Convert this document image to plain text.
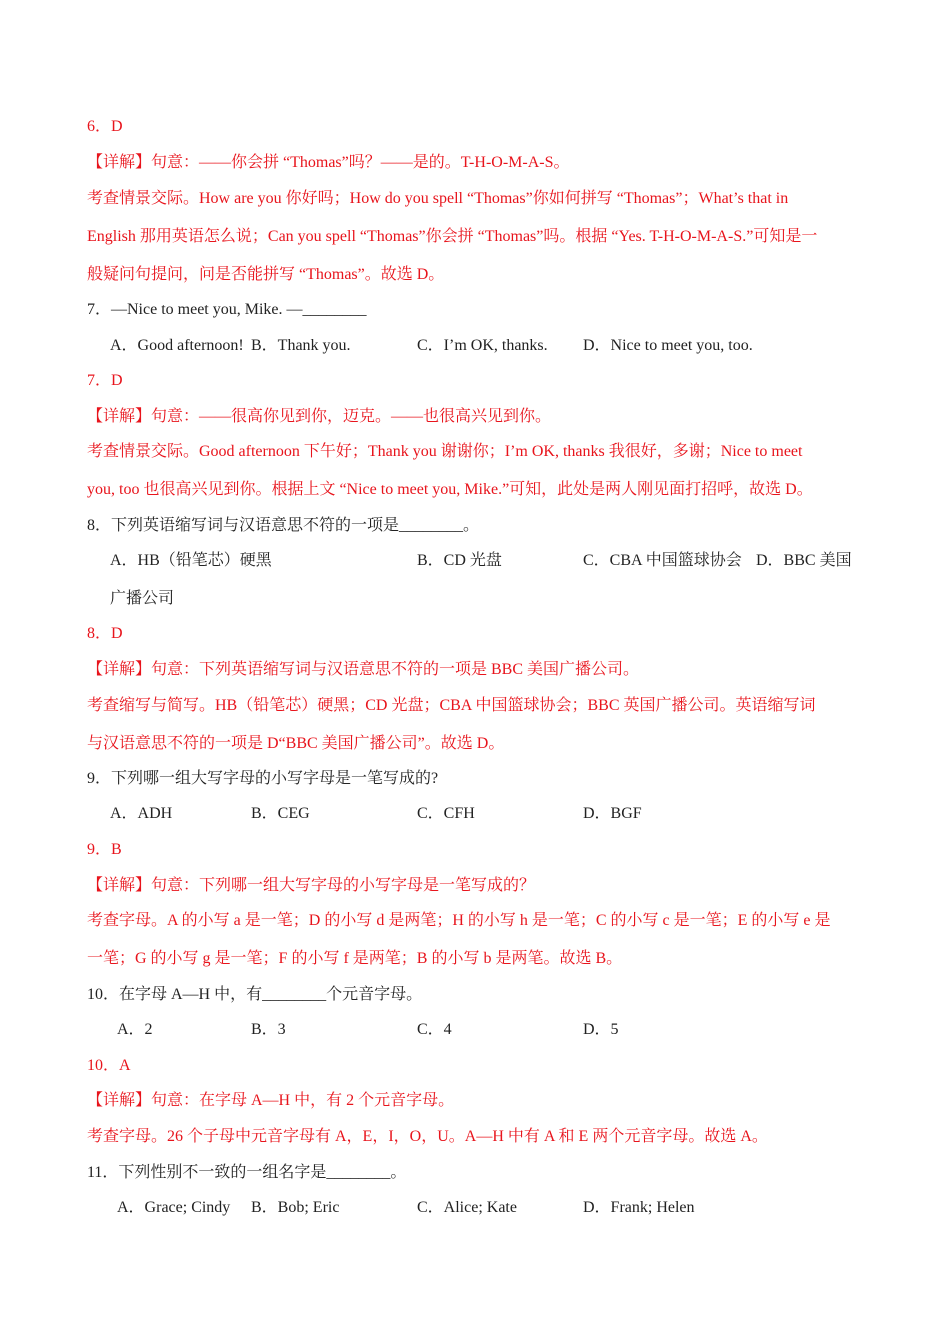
6．D
【详解】句意：——你会拼 “Thomas”吗？——是的。T-H-O-M-A-S。
考查情景交际。How are you 你好吗；How do you spell “Thomas”你如何拼写 “Thomas”；What’s that in
English 那用英语怎么说；Can you spell “Thomas”你会拼 “Thomas”吗。根据 “Yes. T-H-O-M-A-S.”可知是一
般疑问句提问，问是否能拼写 “Thomas”。故选 D。
7．—Nice to meet you, Mike. —________
A．Good afternoon! B．Thank you.	C．I’m OK, thanks. D．Nice to meet you, too.
7．D
【详解】句意：——很高你见到你，迈克。——也很高兴见到你。
考查情景交际。Good afternoon 下午好；Thank you 谢谢你；I’m OK, thanks 我很好，多谢；Nice to meet
you, too 也很高兴见到你。根据上文 “Nice to meet you, Mike.”可知，此处是两人刚见面打招呼，故选 D。
8．下列英语缩写词与汉语意思不符的一项是________。
A．HB（铅笔芯）硬黑	B．CD 光盘	C．CBA 中国篮球协会 D．BBC 美国
广播公司
8．D
【详解】句意：下列英语缩写词与汉语意思不符的一项是 BBC 美国广播公司。
考查缩写与简写。HB（铅笔芯）硬黑；CD 光盘；CBA 中国篮球协会；BBC 英国广播公司。英语缩写词
与汉语意思不符的一项是 D“BBC 美国广播公司”。故选 D。
9．下列哪一组大写字母的小写字母是一笔写成的?
A．ADH	B．CEG	C．CFH	D．BGF
9．B
【详解】句意：下列哪一组大写字母的小写字母是一笔写成的？
考查字母。A 的小写 a 是一笔；D 的小写 d 是两笔；H 的小写 h 是一笔；C 的小写 c 是一笔；E 的小写 e 是
一笔；G 的小写 g 是一笔；F 的小写 f 是两笔；B 的小写 b 是两笔。故选 B。
10．在字母 A—H 中，有________个元音字母。
A．2	B．3	C．4	D．5
10．A
【详解】句意：在字母 A—H 中，有 2 个元音字母。
考查字母。26 个子母中元音字母有 A，E，I，O，U。A—H 中有 A 和 E 两个元音字母。故选 A。
11．下列性别不一致的一组名字是________。
A．Grace; Cindy B．Bob; Eric	C．Alice; Kate	D．Frank; Helen
